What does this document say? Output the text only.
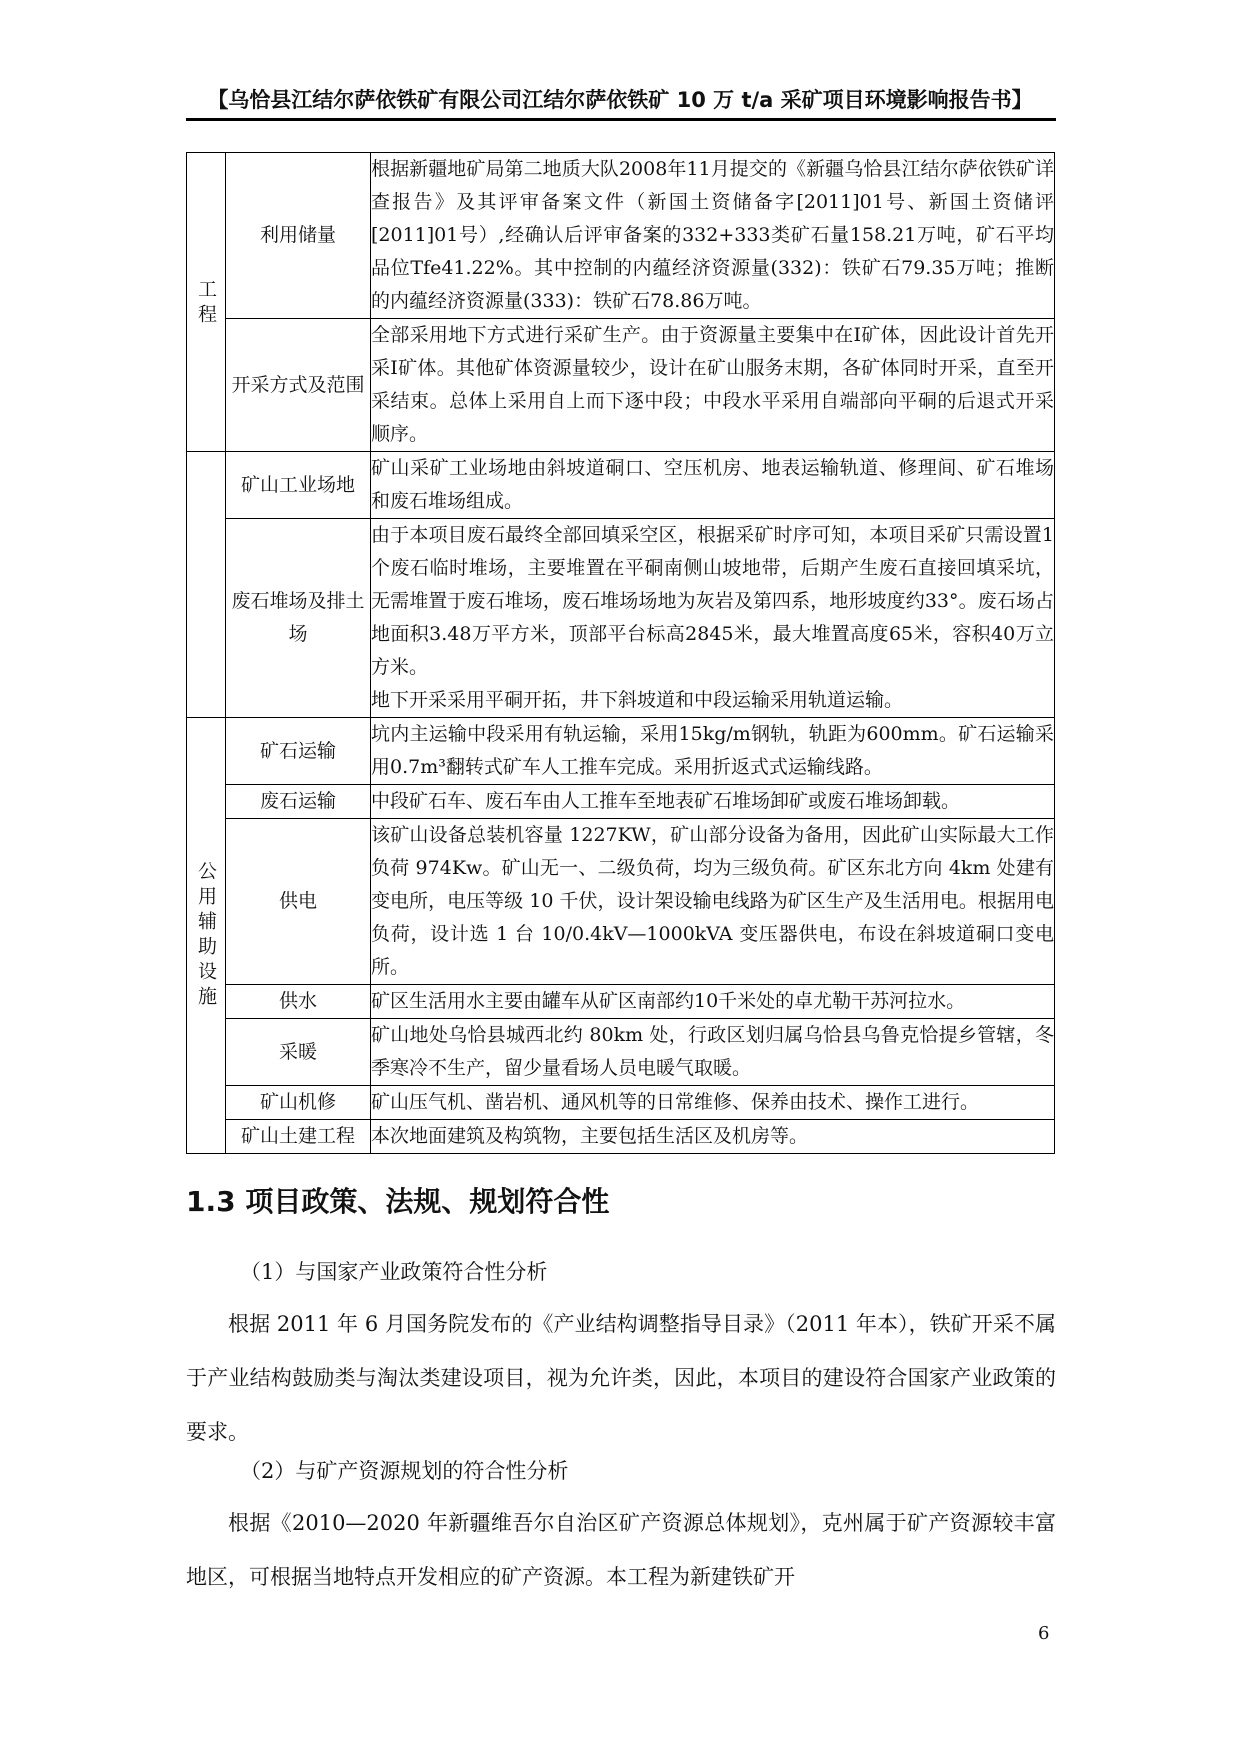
【乌恰县江结尔萨依铁矿有限公司江结尔萨依铁矿 10 万 t/a 采矿项目环境影响报告书】
工程	利用储量	根据新疆地矿局第二地质大队2008年11月提交的《新疆乌恰县江结尔萨依铁矿详查报告》及其评审备案文件（新国土资储备字[2011]01号、新国土资储评[2011]01号）,经确认后评审备案的332+333类矿石量158.21万吨，矿石平均品位Tfe41.22%。其中控制的内蕴经济资源量(332)：铁矿石79.35万吨；推断的内蕴经济资源量(333)：铁矿石78.86万吨。
	开采方式及范围	全部采用地下方式进行采矿生产。由于资源量主要集中在Ⅰ矿体，因此设计首先开采Ⅰ矿体。其他矿体资源量较少，设计在矿山服务末期，各矿体同时开采，直至开采结束。总体上采用自上而下逐中段；中段水平采用自端部向平硐的后退式开采顺序。
	矿山工业场地	矿山采矿工业场地由斜坡道硐口、空压机房、地表运输轨道、修理间、矿石堆场和废石堆场组成。
	废石堆场及排土场	由于本项目废石最终全部回填采空区，根据采矿时序可知，本项目采矿只需设置1个废石临时堆场，主要堆置在平硐南侧山坡地带，后期产生废石直接回填采坑，无需堆置于废石堆场，废石堆场场地为灰岩及第四系，地形坡度约33°。废石场占地面积3.48万平方米，顶部平台标高2845米，最大堆置高度65米，容积40万立方米。
地下开采采用平硐开拓，井下斜坡道和中段运输采用轨道运输。

公用辅助设施	矿石运输	坑内主运输中段采用有轨运输，采用15kg/m钢轨，轨距为600mm。矿石运输采用0.7m³翻转式矿车人工推车完成。采用折返式式运输线路。
	废石运输	中段矿石车、废石车由人工推车至地表矿石堆场卸矿或废石堆场卸载。
	供电	该矿山设备总装机容量 1227KW，矿山部分设备为备用，因此矿山实际最大工作负荷 974Kw。矿山无一、二级负荷，均为三级负荷。矿区东北方向 4km 处建有变电所，电压等级 10 千伏，设计架设输电线路为矿区生产及生活用电。根据用电负荷，设计选 1 台 10/0.4kV—1000kVA 变压器供电，布设在斜坡道硐口变电所。
	供水	矿区生活用水主要由罐车从矿区南部约10千米处的卓尤勒干苏河拉水。
	采暖	矿山地处乌恰县城西北约 80km 处，行政区划归属乌恰县乌鲁克恰提乡管辖，冬季寒冷不生产，留少量看场人员电暖气取暖。
	矿山机修	矿山压气机、凿岩机、通风机等的日常维修、保养由技术、操作工进行。
	矿山土建工程	本次地面建筑及构筑物，主要包括生活区及机房等。
1.3 项目政策、法规、规划符合性
（1）与国家产业政策符合性分析
根据 2011 年 6 月国务院发布的《产业结构调整指导目录》（2011 年本），铁矿开采不属于产业结构鼓励类与淘汰类建设项目，视为允许类，因此，本项目的建设符合国家产业政策的要求。
（2）与矿产资源规划的符合性分析
根据《2010—2020 年新疆维吾尔自治区矿产资源总体规划》，克州属于矿产资源较丰富地区，可根据当地特点开发相应的矿产资源。本工程为新建铁矿开
6
